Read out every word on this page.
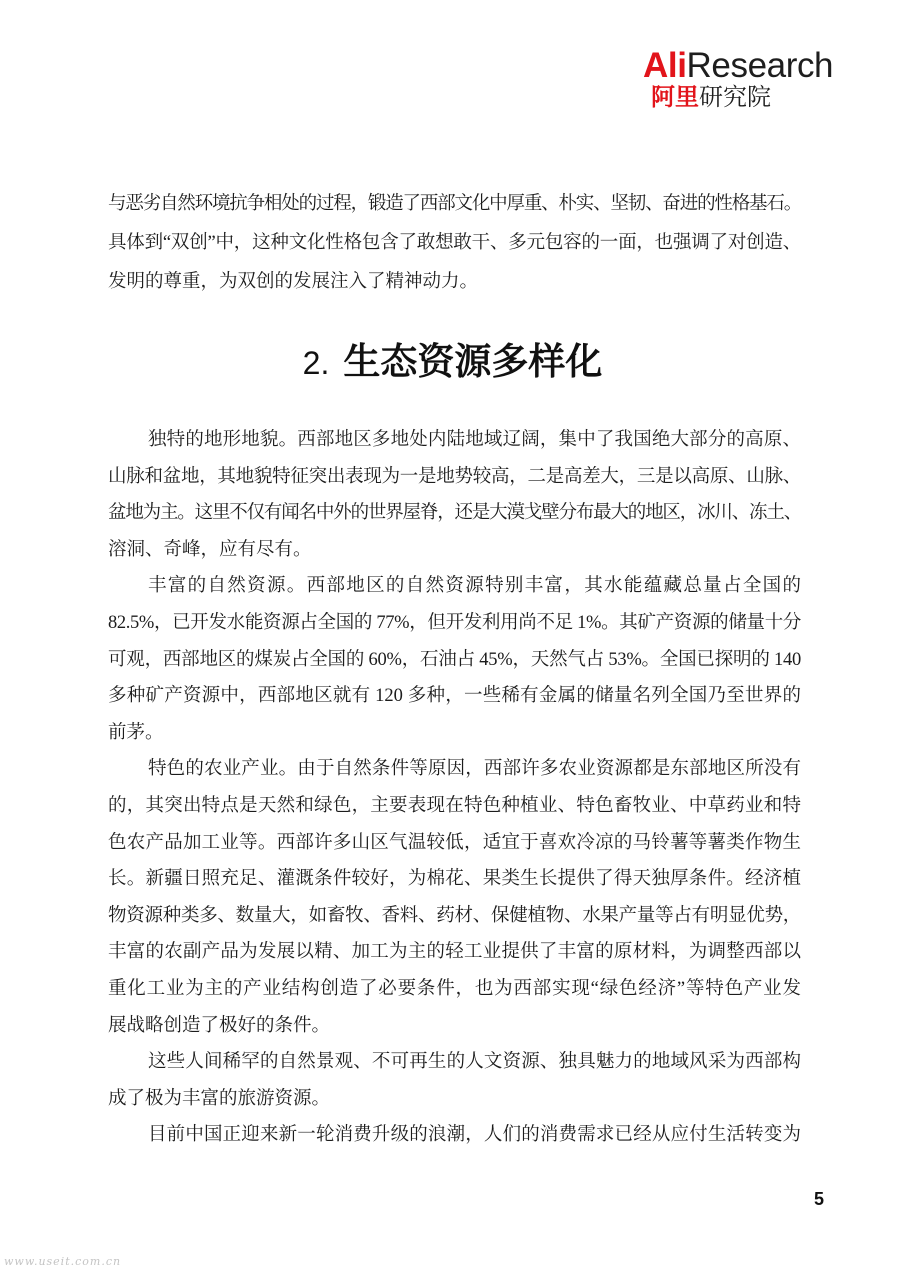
AliResearch
阿里研究院
与恶劣自然环境抗争相处的过程，锻造了西部文化中厚重、朴实、坚韧、奋进的性格基石。
具体到“双创”中，这种文化性格包含了敢想敢干、多元包容的一面，也强调了对创造、
发明的尊重，为双创的发展注入了精神动力。
2. 生态资源多样化
独特的地形地貌。西部地区多地处内陆地域辽阔，集中了我国绝大部分的高原、
山脉和盆地，其地貌特征突出表现为一是地势较高，二是高差大，三是以高原、山脉、
盆地为主。这里不仅有闻名中外的世界屋脊，还是大漠戈壁分布最大的地区，冰川、冻土、
溶洞、奇峰，应有尽有。
丰富的自然资源。西部地区的自然资源特别丰富，其水能蕴藏总量占全国的
82.5%，已开发水能资源占全国的 77%，但开发利用尚不足 1%。其矿产资源的储量十分
可观，西部地区的煤炭占全国的 60%，石油占 45%，天然气占 53%。全国已探明的 140
多种矿产资源中，西部地区就有 120 多种，一些稀有金属的储量名列全国乃至世界的
前茅。
特色的农业产业。由于自然条件等原因，西部许多农业资源都是东部地区所没有
的，其突出特点是天然和绿色，主要表现在特色种植业、特色畜牧业、中草药业和特
色农产品加工业等。西部许多山区气温较低，适宜于喜欢冷凉的马铃薯等薯类作物生
长。新疆日照充足、灌溉条件较好，为棉花、果类生长提供了得天独厚条件。经济植
物资源种类多、数量大，如畜牧、香料、药材、保健植物、水果产量等占有明显优势，
丰富的农副产品为发展以精、加工为主的轻工业提供了丰富的原材料，为调整西部以
重化工业为主的产业结构创造了必要条件，也为西部实现“绿色经济”等特色产业发
展战略创造了极好的条件。
这些人间稀罕的自然景观、不可再生的人文资源、独具魅力的地域风采为西部构
成了极为丰富的旅游资源。
目前中国正迎来新一轮消费升级的浪潮，人们的消费需求已经从应付生活转变为
5
www.useit.com.cn
